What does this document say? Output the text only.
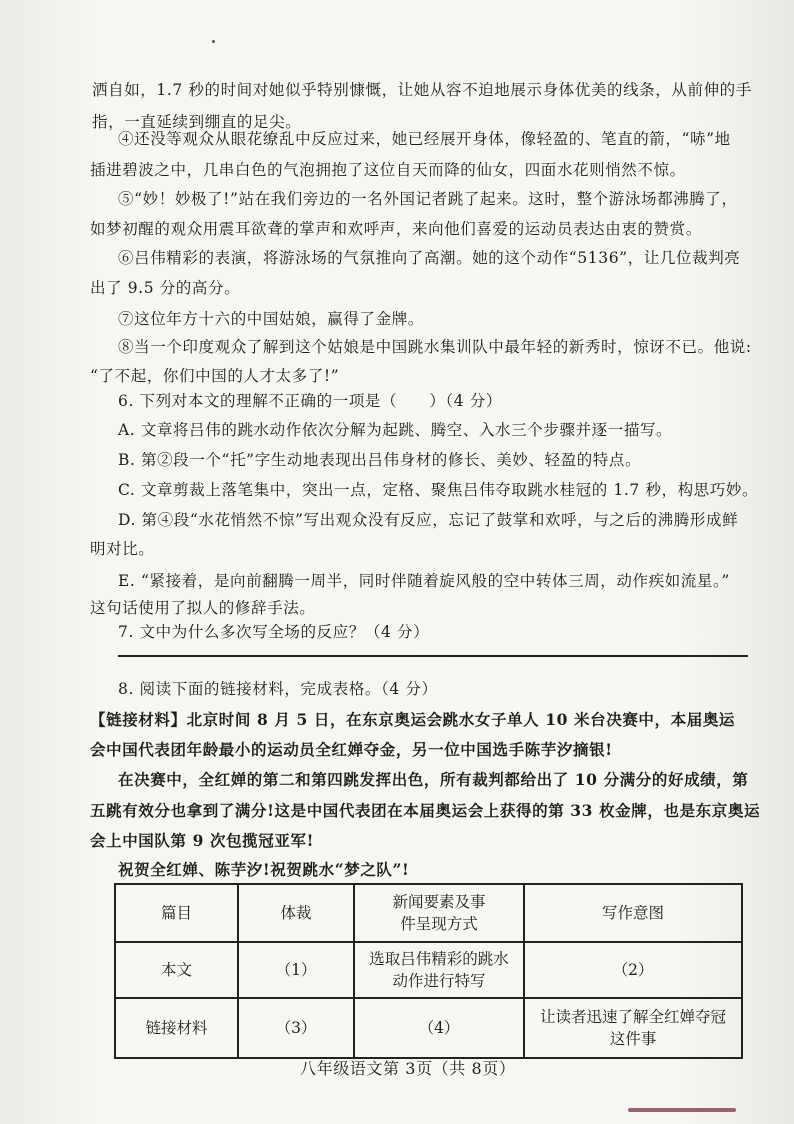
洒自如，1.7 秒的时间对她似乎特别慷慨，让她从容不迫地展示身体优美的线条，从前伸的手
指，一直延续到绷直的足尖。
④还没等观众从眼花缭乱中反应过来，她已经展开身体，像轻盈的、笔直的箭，“哧”地
插进碧波之中，几串白色的气泡拥抱了这位自天而降的仙女，四面水花则悄然不惊。
⑤“妙！妙极了!”站在我们旁边的一名外国记者跳了起来。这时，整个游泳场都沸腾了，
如梦初醒的观众用震耳欲聋的掌声和欢呼声，来向他们喜爱的运动员表达由衷的赞赏。
⑥吕伟精彩的表演，将游泳场的气氛推向了高潮。她的这个动作“5136”，让几位裁判亮
出了 9.5 分的高分。
⑦这位年方十六的中国姑娘，赢得了金牌。
⑧当一个印度观众了解到这个姑娘是中国跳水集训队中最年轻的新秀时，惊讶不已。他说:
“了不起，你们中国的人才太多了!”
6. 下列对本文的理解不正确的一项是（　　）（4 分）
A. 文章将吕伟的跳水动作依次分解为起跳、腾空、入水三个步骤并逐一描写。
B. 第②段一个“托”字生动地表现出吕伟身材的修长、美妙、轻盈的特点。
C. 文章剪裁上落笔集中，突出一点，定格、聚焦吕伟夺取跳水桂冠的 1.7 秒，构思巧妙。
D. 第④段“水花悄然不惊”写出观众没有反应，忘记了鼓掌和欢呼，与之后的沸腾形成鲜
明对比。
E. “紧接着，是向前翻腾一周半，同时伴随着旋风般的空中转体三周，动作疾如流星。”
这句话使用了拟人的修辞手法。
7. 文中为什么多次写全场的反应？（4 分）
8. 阅读下面的链接材料，完成表格。（4 分）
【链接材料】北京时间 8 月 5 日，在东京奥运会跳水女子单人 10 米台决赛中，本届奥运
会中国代表团年龄最小的运动员全红婵夺金，另一位中国选手陈芋汐摘银!
在决赛中，全红婵的第二和第四跳发挥出色，所有裁判都给出了 10 分满分的好成绩，第
五跳有效分也拿到了满分!这是中国代表团在本届奥运会上获得的第 33 枚金牌，也是东京奥运
会上中国队第 9 次包揽冠亚军!
祝贺全红婵、陈芋汐!祝贺跳水“梦之队”!
篇目	体裁	新闻要素及事
件呈现方式	写作意图
本文	（1）	选取吕伟精彩的跳水
动作进行特写	（2）
链接材料	（3）	（4）	让读者迅速了解全红婵夺冠
这件事
八年级语文第 3页（共 8页）
